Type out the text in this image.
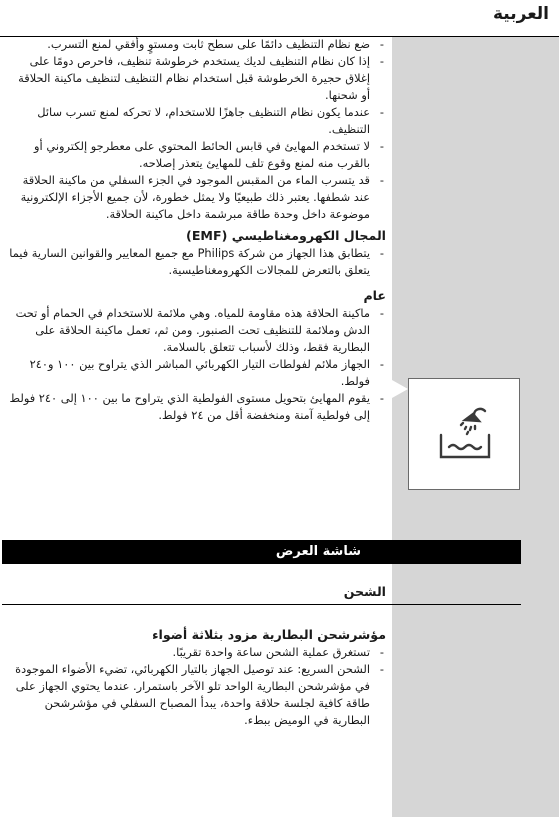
العربية
- ضع نظام التنظيف دائمًا على سطح ثابت ومستوٍ وأفقي لمنع التسرب.
- إذا كان نظام التنظيف لديك يستخدم خرطوشة تنظيف، فاحرص دومًا على إغلاق حجيرة الخرطوشة قبل استخدام نظام التنظيف لتنظيف ماكينة الحلاقة أو شحنها.
- عندما يكون نظام التنظيف جاهزًا للاستخدام، لا تحركه لمنع تسرب سائل التنظيف.
- لا تستخدم المهايئ في قابس الحائط المحتوي على معطرجو إلكتروني أو بالقرب منه لمنع وقوع تلف للمهايئ يتعذر إصلاحه.
- قد يتسرب الماء من المقبس الموجود في الجزء السفلي من ماكينة الحلاقة عند شطفها. يعتبر ذلك طبيعيًا ولا يمثل خطورة، لأن جميع الأجزاء الإلكترونية موضوعة داخل وحدة طاقة مبرشمة داخل ماكينة الحلاقة.
المجال الكهرومغناطيسي (EMF)
- يتطابق هذا الجهاز من شركة Philips مع جميع المعايير والقوانين السارية فيما يتعلق بالتعرض للمجالات الكهرومغناطيسية.
عام
- ماكينة الحلاقة هذه مقاومة للمياه. وهي ملائمة للاستخدام في الحمام أو تحت الدش وملائمة للتنظيف تحت الصنبور. ومن ثم، تعمل ماكينة الحلاقة على البطارية فقط، وذلك لأسباب تتعلق بالسلامة.
- الجهاز ملائم لفولطات التيار الكهربائي المباشر الذي يتراوح بين ١٠٠ و٢٤٠ فولط.
- يقوم المهايئ بتحويل مستوى الفولطية الذي يتراوح ما بين ١٠٠ إلى ٢٤٠ فولط إلى فولطية آمنة ومنخفضة أقل من ٢٤ فولط.
شاشة العرض
الشحن
مؤشرشحن البطارية مزود بثلاثة أضواء
- تستغرق عملية الشحن ساعة واحدة تقريبًا.
- الشحن السريع: عند توصيل الجهاز بالتيار الكهربائي، تضيء الأضواء الموجودة في مؤشرشحن البطارية الواحد تلو الآخر باستمرار. عندما يحتوي الجهاز على طاقة كافية لجلسة حلاقة واحدة، يبدأ المصباح السفلي في مؤشرشحن البطارية في الوميض ببطء.
